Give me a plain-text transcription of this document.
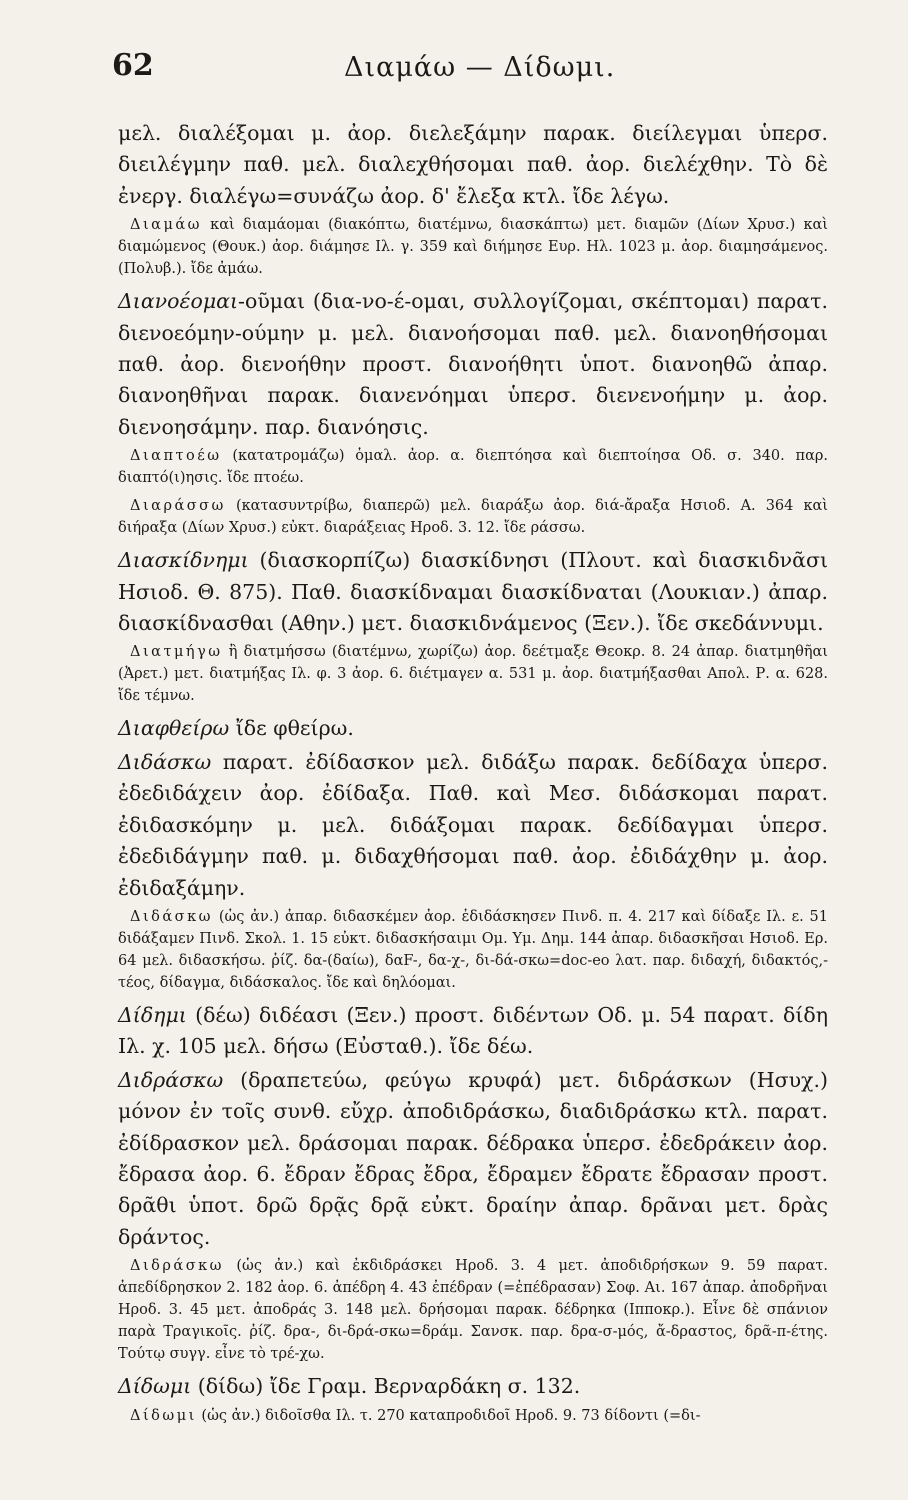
62	Διαμάω — Δίδωμι.

μελ. διαλέξομαι μ. ἀορ. διελεξάμην παρακ. διείλεγμαι ὑπερσ. διειλέγμην παθ. μελ. διαλεχθήσομαι παθ. ἀορ. διελέχθην. Τὸ δὲ ἐνεργ. διαλέγω=συνάζω ἀορ. δ' ἔλεξα κτλ. ἴδε λέγω.

Διαμάω καὶ διαμάομαι (διακόπτω, διατέμνω, διασκάπτω) μετ. διαμῶν (Δίων Χρυσ.) καὶ διαμώμενος (Θουκ.) ἀορ. διάμησε Ιλ. γ. 359 καὶ διήμησε Ευρ. Ηλ. 1023 μ. ἀορ. διαμησάμενος. (Πολυβ.). ἴδε ἀμάω.

Διανοέομαι-οῦμαι (δια-νο-έ-ομαι, συλλογίζομαι, σκέπτομαι) παρατ. διενοεόμην-ούμην μ. μελ. διανοήσομαι παθ. μελ. διανοηθήσομαι παθ. ἀορ. διενοήθην προστ. διανοήθητι ὑποτ. διανοηθῶ ἀπαρ. διανοηθῆναι παρακ. διανενόημαι ὑπερσ. διενενοήμην μ. ἀορ. διενοησάμην. παρ. διανόησις.

Διαπτοέω (κατατρομάζω) ὁμαλ. ἀορ. α. διεπτόησα καὶ διεπτοίησα Οδ. σ. 340. παρ. διαπτό(ι)ησις. ἴδε πτοέω.

Διαράσσω (κατασυντρίβω, διαπερῶ) μελ. διαράξω ἀορ. διά-ἄραξα Ησιοδ. Α. 364 καὶ διήραξα (Δίων Χρυσ.) εὐκτ. διαράξειας Ηροδ. 3. 12. ἴδε ράσσω.

Διασκίδνημι (διασκορπίζω) διασκίδνησι (Πλουτ. καὶ διασκιδνᾶσι Ησιοδ. Θ. 875). Παθ. διασκίδναμαι διασκίδναται (Λουκιαν.) ἀπαρ. διασκίδνασθαι (Αθην.) μετ. διασκιδνάμενος (Ξεν.). ἴδε σκεδάννυμι.

Διατμήγω ἢ διατμήσσω (διατέμνω, χωρίζω) ἀορ. δεέτμαξε Θεοκρ. 8. 24 ἀπαρ. διατμηθῆαι (Ἀρετ.) μετ. διατμήξας Ιλ. φ. 3 ἀορ. 6. διέτμαγεν α. 531 μ. ἀορ. διατμήξασθαι Απολ. Ρ. α. 628. ἴδε τέμνω.

Διαφθείρω ἴδε φθείρω.

Διδάσκω παρατ. ἐδίδασκον μελ. διδάξω παρακ. δεδίδαχα ὑπερσ. ἐδεδιδάχειν ἀορ. ἐδίδαξα. Παθ. καὶ Μεσ. διδάσκομαι παρατ. ἐδιδασκόμην μ. μελ. διδάξομαι παρακ. δεδίδαγμαι ὑπερσ. ἐδεδιδάγμην παθ. μ. διδαχθήσομαι παθ. ἀορ. ἐδιδάχθην μ. ἀορ. ἐδιδαξάμην.

Διδάσκω (ὡς ἀν.) ἀπαρ. διδασκέμεν ἀορ. ἐδιδάσκησεν Πινδ. π. 4. 217 καὶ δίδαξε Ιλ. ε. 51 διδάξαμεν Πινδ. Σκολ. 1. 15 εὐκτ. διδασκήσαιμι Ομ. Υμ. Δημ. 144 ἀπαρ. διδασκῆσαι Ησιοδ. Ερ. 64 μελ. διδασκήσω. ῥίζ. δα-(δαίω), δαF-, δα-χ-, δι-δά-σκω=doc-eo λατ. παρ. διδαχή, διδακτός,-τέος, δίδαγμα, διδάσκαλος. ἴδε καὶ δηλόομαι.

Δίδημι (δέω) διδέασι (Ξεν.) προστ. διδέντων Οδ. μ. 54 παρατ. δίδη Ιλ. χ. 105 μελ. δήσω (Εὐσταθ.). ἴδε δέω.

Διδράσκω (δραπετεύω, φεύγω κρυφά) μετ. διδράσκων (Ησυχ.) μόνον ἐν τοῖς συνθ. εὔχρ. ἀποδιδράσκω, διαδιδράσκω κτλ. παρατ. ἐδίδρασκον μελ. δράσομαι παρακ. δέδρακα ὑπερσ. ἐδεδράκειν ἀορ. ἔδρασα ἀορ. 6. ἔδραν ἔδρας ἔδρα, ἔδραμεν ἔδρατε ἔδρασαν προστ. δρᾶθι ὑποτ. δρῶ δρᾷς δρᾷ εὐκτ. δραίην ἀπαρ. δρᾶναι μετ. δρὰς δράντος.

Διδράσκω (ὡς ἀν.) καὶ ἐκδιδράσκει Ηροδ. 3. 4 μετ. ἀποδιδρήσκων 9. 59 παρατ. ἀπεδίδρησκον 2. 182 ἀορ. 6. ἀπέδρη 4. 43 ἐπέδραν (=ἐπέδρασαν) Σοφ. Αι. 167 ἀπαρ. ἀποδρῆναι Ηροδ. 3. 45 μετ. ἀποδράς 3. 148 μελ. δρήσομαι παρακ. δέδρηκα (Ιπποκρ.). Εἶνε δὲ σπάνιον παρὰ Τραγικοῖς. ῥίζ. δρα-, δι-δρά-σκω=δράμ. Σανσκ. παρ. δρα-σ-μός, ἄ-δραστος, δρᾶ-π-έτης. Τούτῳ συγγ. εἶνε τὸ τρέ-χω.

Δίδωμι (δίδω) ἴδε Γραμ. Βερναρδάκη σ. 132.

Δίδωμι (ὡς ἀν.) διδοῖσθα Ιλ. τ. 270 καταπροδιδοῖ Ηροδ. 9. 73 δίδοντι (=δι-
